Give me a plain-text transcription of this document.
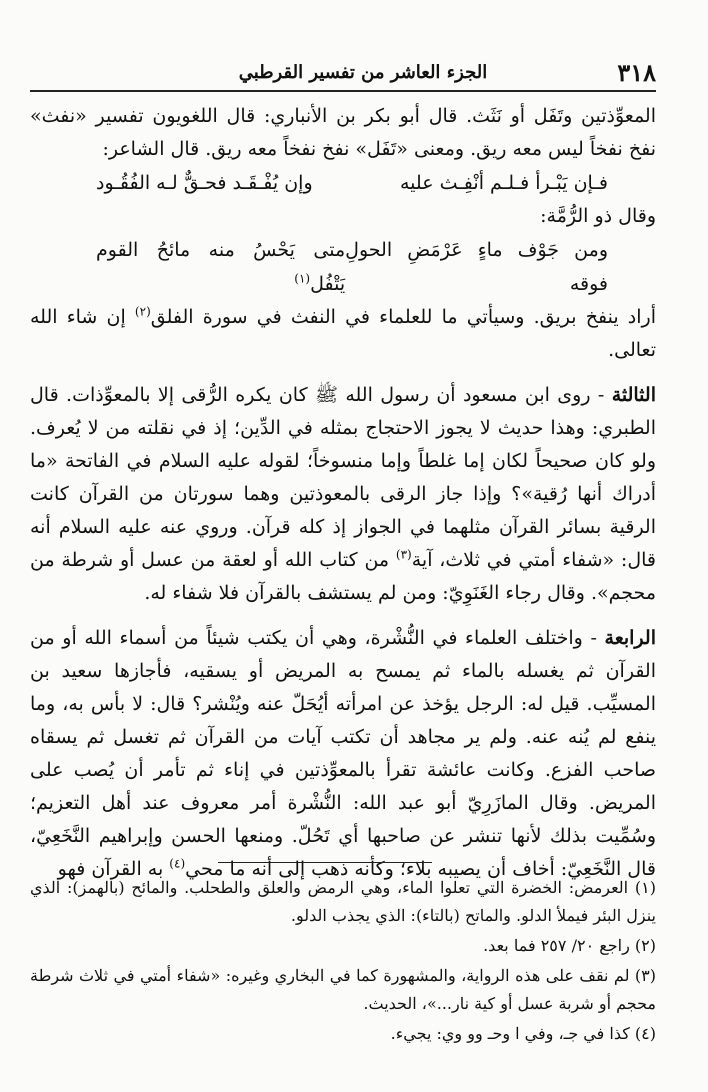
٣١٨
الجزء العاشر من تفسير القرطبي

المعوِّذتين وتَفَل أو نَثَث. قال أبو بكر بن الأنباري: قال اللغويون تفسير «نفث» نفخ نفخاً ليس معه ريق. ومعنى «تَفَل» نفخ نفخاً معه ريق. قال الشاعر:

فـإن يَبْـرأ فـلـم أنْفِـث عليه
وإن يُفْـقَـد فحـقٌّ لـه الفُقُـود

وقال ذو الرُّمَّة:

ومن جَوْف ماءٍ عَرْمَضِ الحولِ فوقه
متى يَحْسُ منه مائحُ القوم يَتْفُل$^{(١)}$

أراد ينفخ بريق. وسيأتي ما للعلماء في النفث في سورة الفلق$^{(٢)}$ إن شاء الله تعالى.

الثالثة - روى ابن مسعود أن رسول الله ﷺ كان يكره الرُّقى إلا بالمعوِّذات. قال الطبري: وهذا حديث لا يجوز الاحتجاج بمثله في الدِّين؛ إذ في نقلته من لا يُعرف. ولو كان صحيحاً لكان إما غلطاً وإما منسوخاً؛ لقوله عليه السلام في الفاتحة «ما أدراك أنها رُقية»؟ وإذا جاز الرقى بالمعوذتين وهما سورتان من القرآن كانت الرقية بسائر القرآن مثلهما في الجواز إذ كله قرآن. وروي عنه عليه السلام أنه قال: «شفاء أمتي في ثلاث، آية$^{(٣)}$ من كتاب الله أو لعقة من عسل أو شرطة من محجم». وقال رجاء الغَنَوِيّ: ومن لم يستشف بالقرآن فلا شفاء له.

الرابعة - واختلف العلماء في النُّشْرة، وهي أن يكتب شيئاً من أسماء الله أو من القرآن ثم يغسله بالماء ثم يمسح به المريض أو يسقيه، فأجازها سعيد بن المسيِّب. قيل له: الرجل يؤخذ عن امرأته أيُحَلّ عنه ويُنْشر؟ قال: لا بأس به، وما ينفع لم يُنه عنه. ولم ير مجاهد أن تكتب آيات من القرآن ثم تغسل ثم يسقاه صاحب الفزع. وكانت عائشة تقرأ بالمعوِّذتين في إناء ثم تأمر أن يُصب على المريض. وقال المازَرِيّ أبو عبد الله: النُّشْرة أمر معروف عند أهل التعزيم؛ وسُمِّيت بذلك لأنها تنشر عن صاحبها أي تَحُلّ. ومنعها الحسن وإبراهيم النَّخَعِيّ، قال النَّخَعِيّ: أخاف أن يصيبه بلاء؛ وكأنه ذهب إلى أنه ما محي$^{(٤)}$ به القرآن فهو

(١) العرمض: الخضرة التي تعلوا الماء، وهي الرمض والعلق والطحلب. والمائح (بالهمز): الذي ينزل البئر فيملأ الدلو. والماتح (بالتاء): الذي يجذب الدلو.

(٢) راجع ٢٠/ ٢٥٧ فما بعد.

(٣) لم نقف على هذه الرواية، والمشهورة كما في البخاري وغيره: «شفاء أمتي في ثلاث شرطة محجم أو شربة عسل أو كية نار...»، الحديث.

(٤) كذا في جـ، وفي ا وحـ وو وي: يجيء.
